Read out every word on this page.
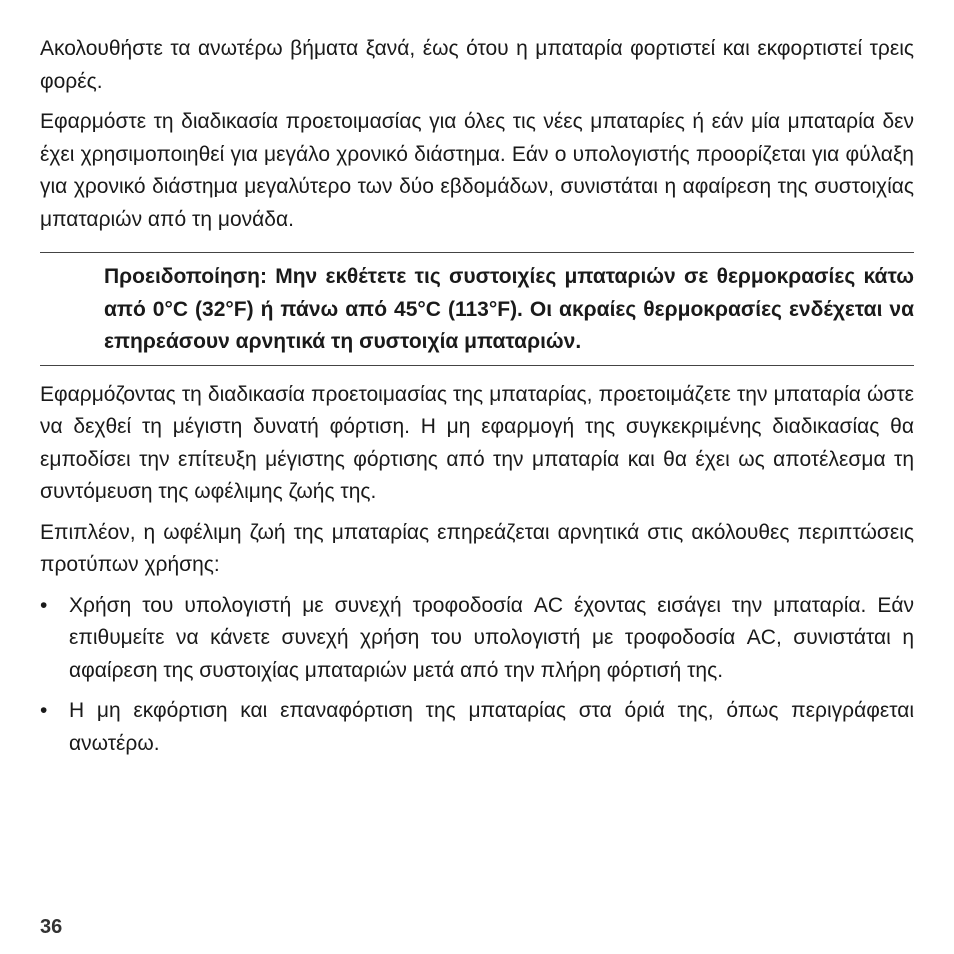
Ακολουθήστε τα ανωτέρω βήματα ξανά, έως ότου η μπαταρία φορτιστεί και εκφορτιστεί τρεις φορές.

Εφαρμόστε τη διαδικασία προετοιμασίας για όλες τις νέες μπαταρίες ή εάν μία μπαταρία δεν έχει χρησιμοποιηθεί για μεγάλο χρονικό διάστημα. Εάν ο υπολογιστής προορίζεται για φύλαξη για χρονικό διάστημα μεγαλύτερο των δύο εβδομάδων, συνιστάται η αφαίρεση της συστοιχίας μπαταριών από τη μονάδα.

Προειδοποίηση: Μην εκθέτετε τις συστοιχίες μπαταριών σε θερμοκρασίες κάτω από 0°C (32°F) ή πάνω από 45°C (113°F). Οι ακραίες θερμοκρασίες ενδέχεται να επηρεάσουν αρνητικά τη συστοιχία μπαταριών.

Εφαρμόζοντας τη διαδικασία προετοιμασίας της μπαταρίας, προετοιμάζετε την μπαταρία ώστε να δεχθεί τη μέγιστη δυνατή φόρτιση. Η μη εφαρμογή της συγκεκριμένης διαδικασίας θα εμποδίσει την επίτευξη μέγιστης φόρτισης από την μπαταρία και θα έχει ως αποτέλεσμα τη συντόμευση της ωφέλιμης ζωής της.

Επιπλέον, η ωφέλιμη ζωή της μπαταρίας επηρεάζεται αρνητικά στις ακόλουθες περιπτώσεις προτύπων χρήσης:

•	Χρήση του υπολογιστή με συνεχή τροφοδοσία AC έχοντας εισάγει την μπαταρία. Εάν επιθυμείτε να κάνετε συνεχή χρήση του υπολογιστή με τροφοδοσία AC, συνιστάται η αφαίρεση της συστοιχίας μπαταριών μετά από την πλήρη φόρτισή της.
•	Η μη εκφόρτιση και επαναφόρτιση της μπαταρίας στα όριά της, όπως περιγράφεται ανωτέρω.
36
